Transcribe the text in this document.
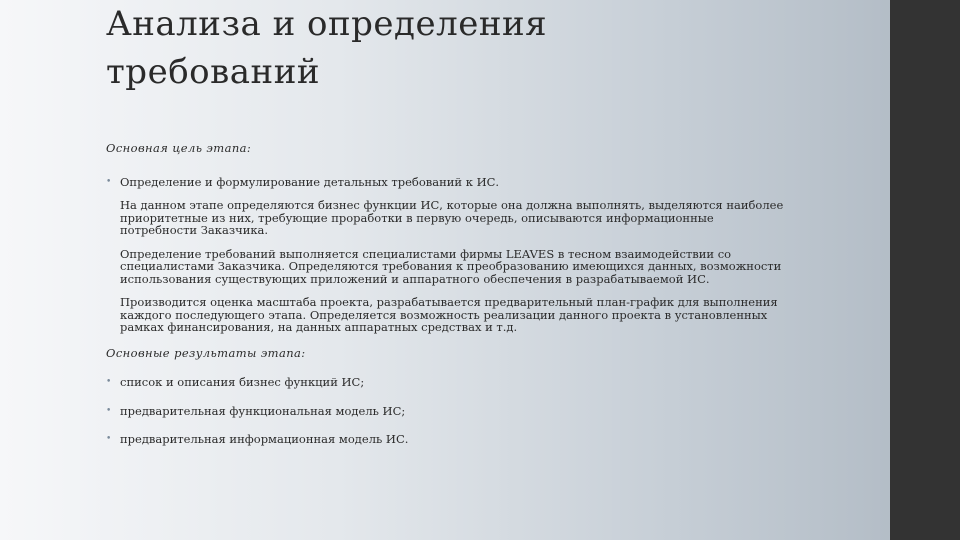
Анализа и определения
требований

Основная цель этапа:

• Определение и формулирование детальных требований к ИС.
На данном этапе определяются бизнес функции ИС, которые она должна выполнять, выделяются наиболее приоритетные из них, требующие проработки в первую очередь, описываются информационные потребности Заказчика.
Определение требований выполняется специалистами фирмы LEAVES в тесном взаимодействии со специалистами Заказчика. Определяются требования к преобразованию имеющихся данных, возможности использования существующих приложений и аппаратного обеспечения в разрабатываемой ИС.
Производится оценка масштаба проекта, разрабатывается предварительный план-график для выполнения каждого последующего этапа. Определяется возможность реализации данного проекта в установленных рамках финансирования, на данных аппаратных средствах и т.д.

Основные результаты этапа:

• список и описания бизнес функций ИС;
• предварительная функциональная модель ИС;
• предварительная информационная модель ИС.
